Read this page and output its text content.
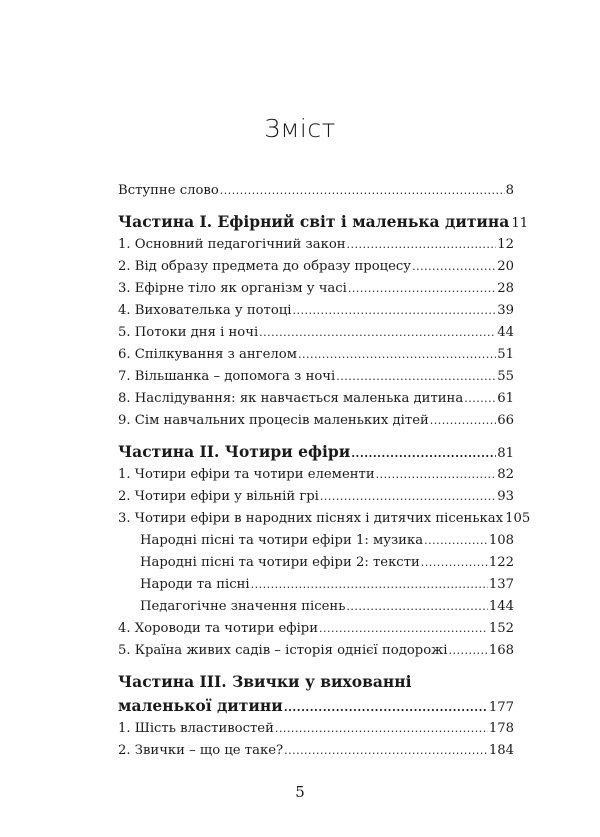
Зміст
Вступне слово .....	8
Частина I. Ефірний світ і маленька дитина 11
1. Основний педагогічний закон .....	12
2. Від образу предмета до образу процесу .....	20
3. Ефірне тіло як організм у часі .....	28
4. Вихователька у потоці .....	39
5. Потоки дня і ночі .....	44
6. Спілкування з ангелом .....	51
7. Вільшанка – допомога з ночі .....	55
8. Наслідування: як навчається маленька дитина .....	61
9. Сім навчальних процесів маленьких дітей .....	66
Частина II. Чотири ефіри .....	81
1. Чотири ефіри та чотири елементи .....	82
2. Чотири ефіри у вільній грі .....	93
3. Чотири ефіри в народних піснях і дитячих пісеньках 105
Народні пісні та чотири ефіри 1: музика .....	108
Народні пісні та чотири ефіри 2: тексти .....	122
Народи та пісні .....	137
Педагогічне значення пісень .....	144
4. Хороводи та чотири ефіри .....	152
5. Країна живих садів – історія однієї подорожі .....	168
Частина III. Звички у вихованні
маленької дитини .....	177
1. Шість властивостей .....	178
2. Звички – що це таке? .....	184
5
